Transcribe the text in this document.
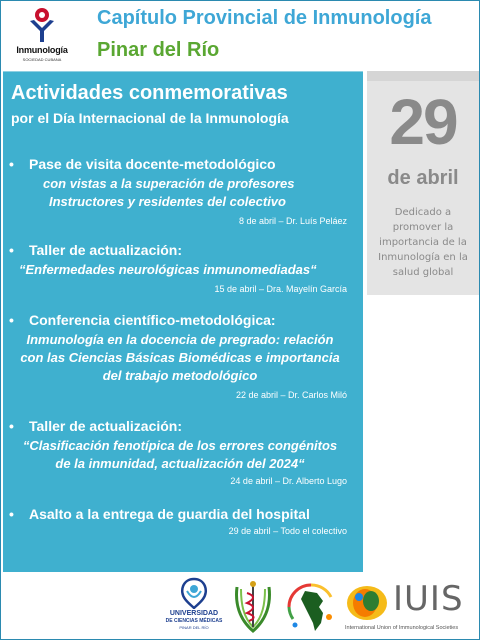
Inmunología
SOCIEDAD CUBANA
Capítulo Provincial de Inmunología
Pinar del Río
Actividades conmemorativas
por el Día Internacional de la Inmunología
• Pase de visita docente-metodológico
con vistas a la superación de profesores
Instructores y residentes del colectivo
8 de abril – Dr. Luís Peláez
• Taller de actualización:
“Enfermedades neurológicas inmunomediadas“
15 de abril – Dra. Mayelín García
• Conferencia científico-metodológica:
Inmunología en la docencia de pregrado: relación
con las Ciencias Básicas Biomédicas e importancia
del trabajo metodológico
22 de abril – Dr. Carlos Miló
• Taller de actualización:
“Clasificación fenotípica de los errores congénitos
de la inmunidad, actualización del 2024“
24 de abril – Dr. Alberto Lugo
• Asalto a la entrega de guardia del hospital
29 de abril – Todo el colectivo
29
de abril
Dedicado a promover la importancia de la Inmunología en la salud global
UNIVERSIDAD
DE CIENCIAS MÉDICAS
PINAR DEL RÍO
IUIS
International Union of Immunological Societies
